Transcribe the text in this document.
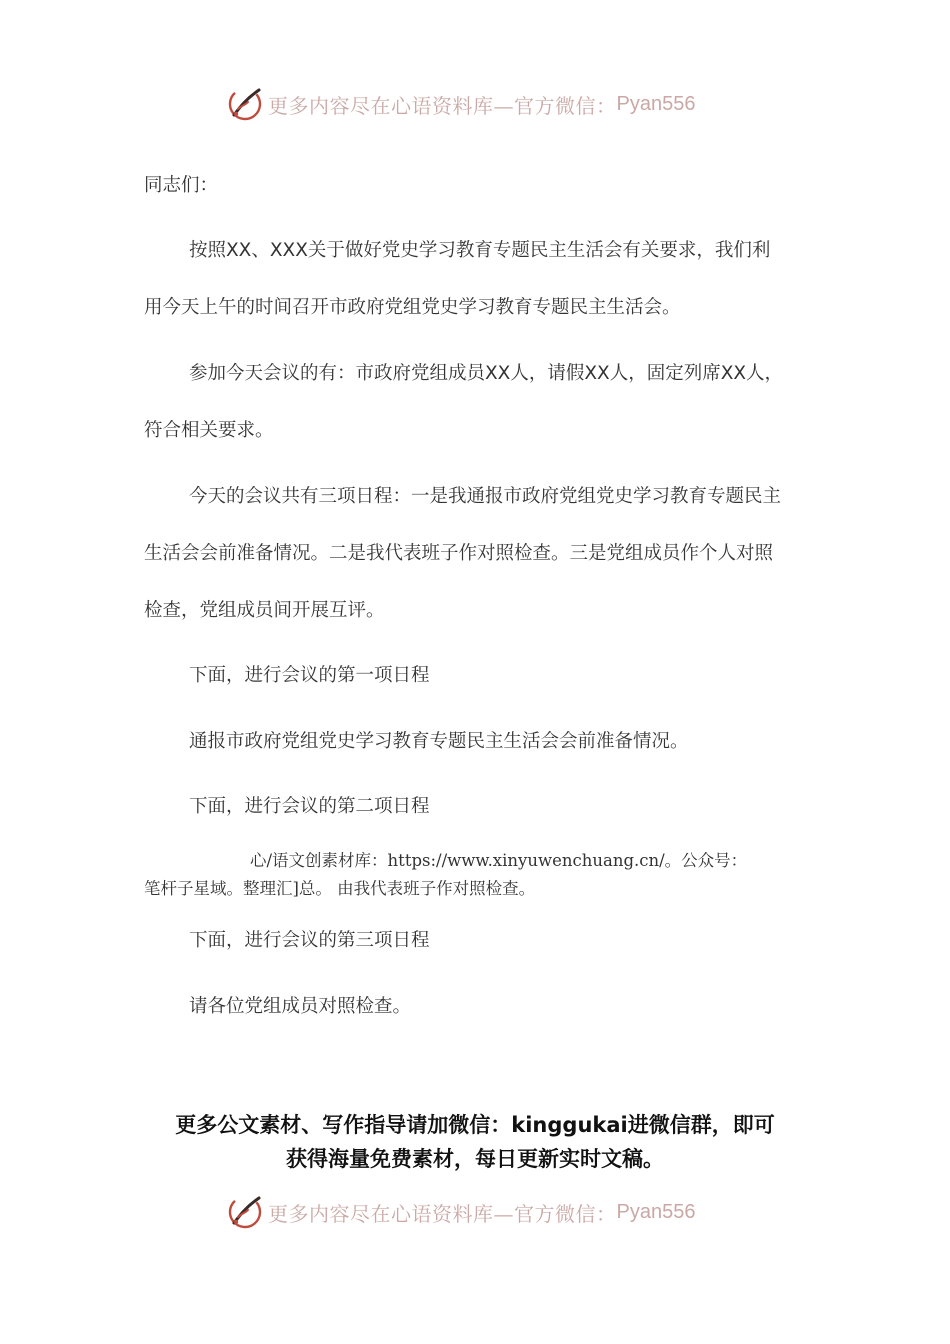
更多内容尽在心语资料库—官方微信： Pyan556
同志们：
按照XX、XXX关于做好党史学习教育专题民主生活会有关要求，我们利
用今天上午的时间召开市政府党组党史学习教育专题民主生活会。
参加今天会议的有：市政府党组成员XX人，请假XX人，固定列席XX人，
符合相关要求。
今天的会议共有三项日程：一是我通报市政府党组党史学习教育专题民主
生活会会前准备情况。二是我代表班子作对照检查。三是党组成员作个人对照
检查，党组成员间开展互评。
下面，进行会议的第一项日程
通报市政府党组党史学习教育专题民主生活会会前准备情况。
下面，进行会议的第二项日程
心/语文创素材库：https://www.xinyuwenchuang.cn/。公众号：
笔杆子星域。整理汇]总。 由我代表班子作对照检查。
下面，进行会议的第三项日程
请各位党组成员对照检查。
更多公文素材、写作指导请加微信：kinggukai进微信群，即可
获得海量免费素材，每日更新实时文稿。
更多内容尽在心语资料库—官方微信： Pyan556
